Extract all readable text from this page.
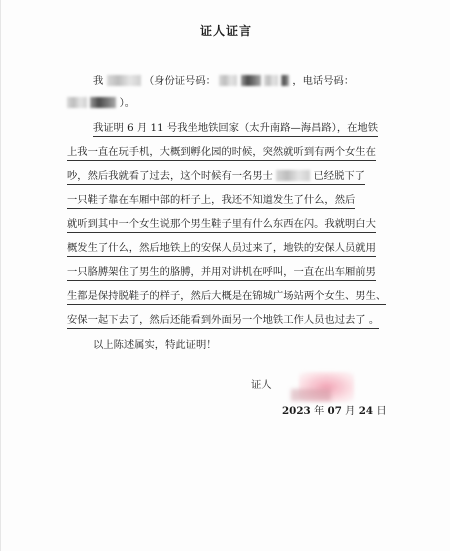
证人证言
我	（身份证号码：	，电话号码：
）。
我证明 6 月 11 号我坐地铁回家（太升南路—海昌路），在地铁
上我一直在玩手机，大概到孵化园的时候，突然就听到有两个女生在
吵，然后我就看了过去，这个时候有一名男士	已经脱下了
一只鞋子靠在车厢中部的杆子上，我还不知道发生了什么，然后
就听到其中一个女生说那个男生鞋子里有什么东西在闪。我就明白大
概发生了什么，然后地铁上的安保人员过来了，地铁的安保人员就用
一只胳膊架住了男生的胳膊，并用对讲机在呼叫，一直在出车厢前男
生都是保持脱鞋子的样子，然后大概是在锦城广场站两个女生、男生、
安保一起下去了，然后还能看到外面另一个地铁工作人员也过去了 。
以上陈述属实，特此证明！
证人
2023 年 07 月 24 日
